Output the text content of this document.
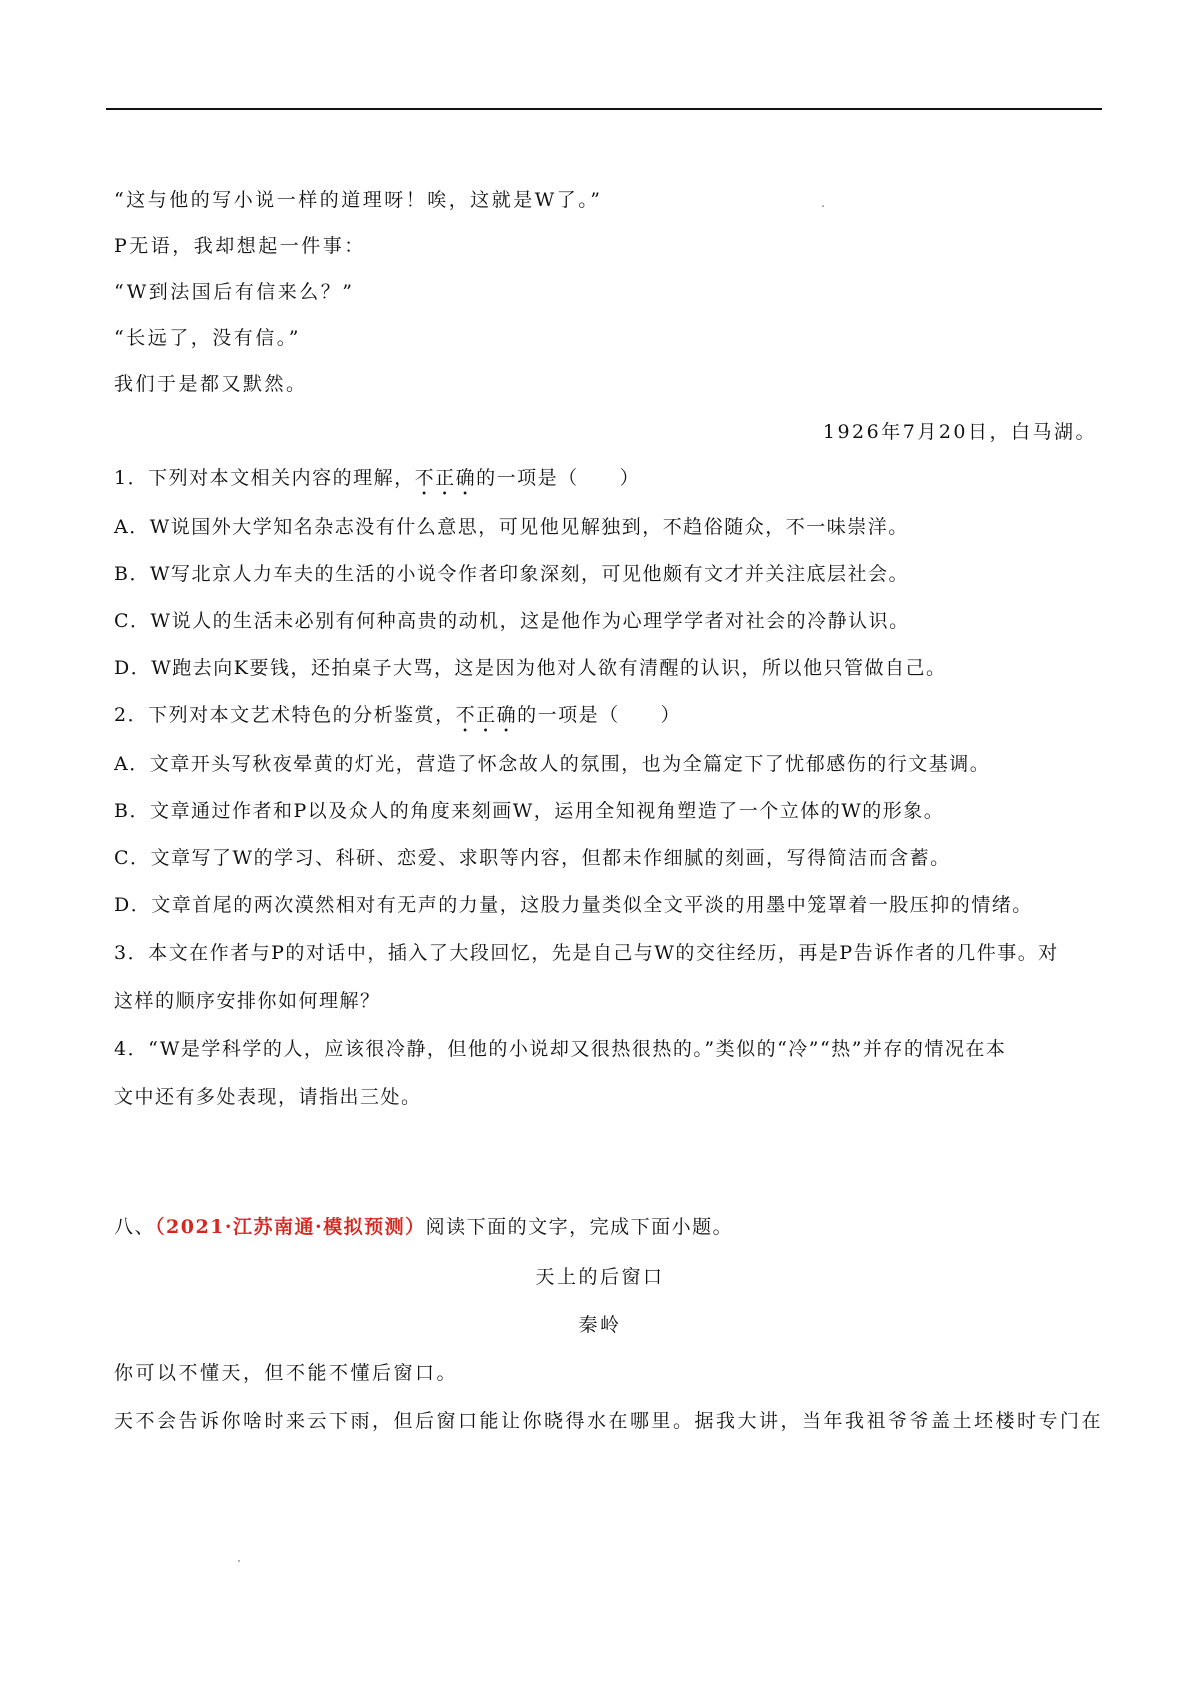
“这与他的写小说一样的道理呀！唉，这就是W了。”
P无语，我却想起一件事：
“W到法国后有信来么？”
“长远了，没有信。”
我们于是都又默然。
1926年7月20日，白马湖。
1．下列对本文相关内容的理解，不正确的一项是（　　）
A．W说国外大学知名杂志没有什么意思，可见他见解独到，不趋俗随众，不一味崇洋。
B．W写北京人力车夫的生活的小说令作者印象深刻，可见他颇有文才并关注底层社会。
C．W说人的生活未必别有何种高贵的动机，这是他作为心理学学者对社会的冷静认识。
D．W跑去向K要钱，还拍桌子大骂，这是因为他对人欲有清醒的认识，所以他只管做自己。
2．下列对本文艺术特色的分析鉴赏，不正确的一项是（　　）
A．文章开头写秋夜晕黄的灯光，营造了怀念故人的氛围，也为全篇定下了忧郁感伤的行文基调。
B．文章通过作者和P以及众人的角度来刻画W，运用全知视角塑造了一个立体的W的形象。
C．文章写了W的学习、科研、恋爱、求职等内容，但都未作细腻的刻画，写得简洁而含蓄。
D．文章首尾的两次漠然相对有无声的力量，这股力量类似全文平淡的用墨中笼罩着一股压抑的情绪。
3．本文在作者与P的对话中，插入了大段回忆，先是自己与W的交往经历，再是P告诉作者的几件事。对
这样的顺序安排你如何理解？
4．“W是学科学的人，应该很冷静，但他的小说却又很热很热的。”类似的“冷”“热”并存的情况在本
文中还有多处表现，请指出三处。
八、（2021·江苏南通·模拟预测）阅读下面的文字，完成下面小题。
天上的后窗口
秦岭
你可以不懂天，但不能不懂后窗口。
天不会告诉你啥时来云下雨，但后窗口能让你晓得水在哪里。据我大讲，当年我祖爷爷盖土坯楼时专门在
